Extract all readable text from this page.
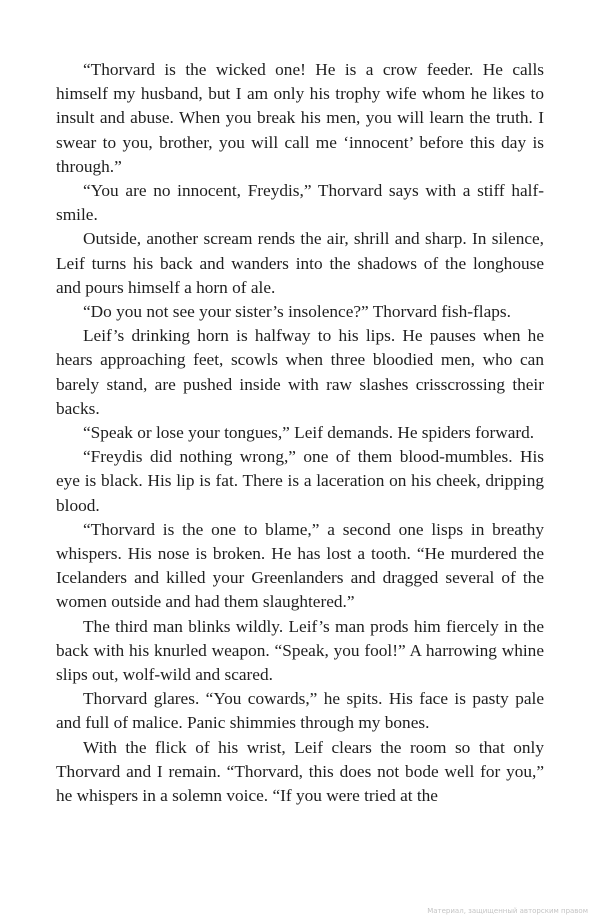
“Thorvard is the wicked one! He is a crow feeder. He calls himself my husband, but I am only his trophy wife whom he likes to insult and abuse. When you break his men, you will learn the truth. I swear to you, brother, you will call me ‘innocent’ before this day is through.”

“You are no innocent, Freydis,” Thorvard says with a stiff half-smile.

Outside, another scream rends the air, shrill and sharp. In silence, Leif turns his back and wanders into the shadows of the longhouse and pours himself a horn of ale.

“Do you not see your sister’s insolence?” Thorvard fish-flaps.

Leif’s drinking horn is halfway to his lips. He pauses when he hears approaching feet, scowls when three bloodied men, who can barely stand, are pushed inside with raw slashes crisscrossing their backs.

“Speak or lose your tongues,” Leif demands. He spiders forward.

“Freydis did nothing wrong,” one of them blood-mumbles. His eye is black. His lip is fat. There is a laceration on his cheek, dripping blood.

“Thorvard is the one to blame,” a second one lisps in breathy whispers. His nose is broken. He has lost a tooth. “He murdered the Icelanders and killed your Greenlanders and dragged several of the women outside and had them slaughtered.”

The third man blinks wildly. Leif’s man prods him fiercely in the back with his knurled weapon. “Speak, you fool!” A harrowing whine slips out, wolf-wild and scared.

Thorvard glares. “You cowards,” he spits. His face is pasty pale and full of malice. Panic shimmies through my bones.

With the flick of his wrist, Leif clears the room so that only Thorvard and I remain. “Thorvard, this does not bode well for you,” he whispers in a solemn voice. “If you were tried at the

Материал, защищенный авторским правом
